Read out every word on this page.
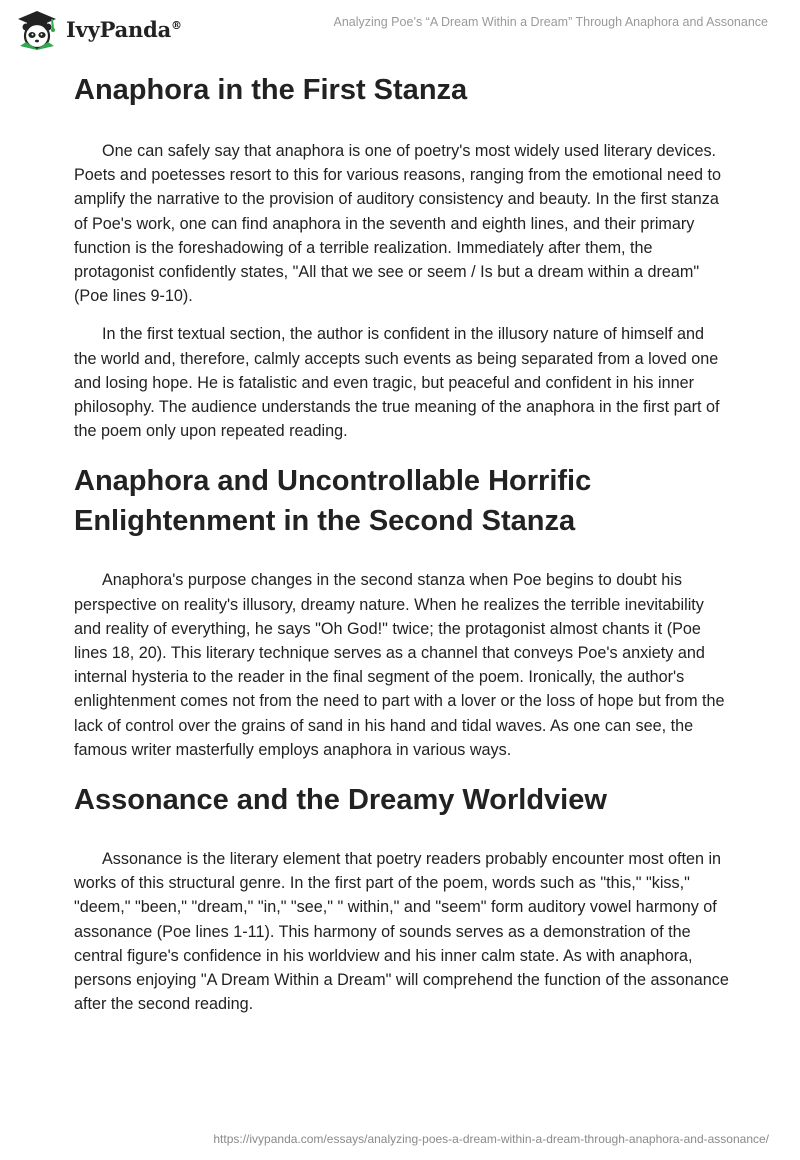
IvyPanda®	Analyzing Poe’s “A Dream Within a Dream” Through Anaphora and Assonance
Anaphora in the First Stanza

One can safely say that anaphora is one of poetry's most widely used literary devices. Poets and poetesses resort to this for various reasons, ranging from the emotional need to amplify the narrative to the provision of auditory consistency and beauty. In the first stanza of Poe's work, one can find anaphora in the seventh and eighth lines, and their primary function is the foreshadowing of a terrible realization. Immediately after them, the protagonist confidently states, "All that we see or seem / Is but a dream within a dream" (Poe lines 9-10).

In the first textual section, the author is confident in the illusory nature of himself and the world and, therefore, calmly accepts such events as being separated from a loved one and losing hope. He is fatalistic and even tragic, but peaceful and confident in his inner philosophy. The audience understands the true meaning of the anaphora in the first part of the poem only upon repeated reading.

Anaphora and Uncontrollable Horrific Enlightenment in the Second Stanza

Anaphora's purpose changes in the second stanza when Poe begins to doubt his perspective on reality's illusory, dreamy nature. When he realizes the terrible inevitability and reality of everything, he says "Oh God!" twice; the protagonist almost chants it (Poe lines 18, 20). This literary technique serves as a channel that conveys Poe's anxiety and internal hysteria to the reader in the final segment of the poem. Ironically, the author's enlightenment comes not from the need to part with a lover or the loss of hope but from the lack of control over the grains of sand in his hand and tidal waves. As one can see, the famous writer masterfully employs anaphora in various ways.

Assonance and the Dreamy Worldview

Assonance is the literary element that poetry readers probably encounter most often in works of this structural genre. In the first part of the poem, words such as "this," "kiss," "deem," "been," "dream," "in," "see," " within," and "seem" form auditory vowel harmony of assonance (Poe lines 1-11). This harmony of sounds serves as a demonstration of the central figure's confidence in his worldview and his inner calm state. As with anaphora, persons enjoying "A Dream Within a Dream" will comprehend the function of the assonance after the second reading.

https://ivypanda.com/essays/analyzing-poes-a-dream-within-a-dream-through-anaphora-and-assonance/
